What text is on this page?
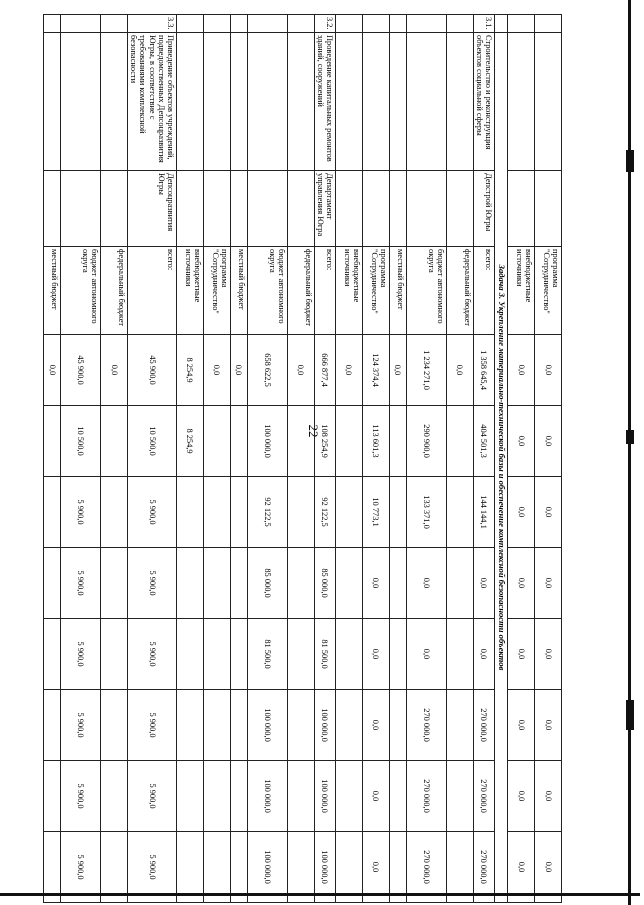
22
			программа "Сотрудничество"	0,0	0,0	0,0	0,0	0,0	0,0	0,0	0,0
			внебюджетные источники	0,0	0,0	0,0	0,0	0,0	0,0	0,0	0,0
	Задача 3. Укрепление материально-технической базы и обеспечение комплексной безопасности объектов										
3.1.	Строительство и реконструкция объектов социальной сферы	Депстрой Югры	всего:	1 358 645,4	404 501,3	144 144,1	0,0	0,0	270 000,0	270 000,0	270 000,0
			федеральный бюджет	0,0							
			бюджет автономного округа	1 234 271,0	290 900,0	133 371,0	0,0	0,0	270 000,0	270 000,0	270 000,0
			местный бюджет	0,0							
			программа "Сотрудничество"	124 374,4	113 601,3	10 773,1	0,0	0,0	0,0	0,0	0,0
			внебюджетные источники	0,0							
3.2.	Проведение капитальных ремонтов зданий, сооружений	Департамент управления Югра	всего:	666 877,4	108 254,9	92 122,5	85 000,0	81 500,0	100 000,0	100 000,0	100 000,0
			федеральный бюджет	0,0							
			бюджет автономного округа	658 622,5	100 000,0	92 122,5	85 000,0	81 500,0	100 000,0	100 000,0	100 000,0
			местный бюджет	0,0							
			программа "Сотрудничество"	0,0							
			внебюджетные источники	8 254,9	8 254,9						
3.3.	Приведение объектов учреждений, подведомственных Депсоцразвития Югры, в соответствие с требованиями комплексной безопасности	Депсоцразвития Югры	всего:	45 900,0	10 500,0	5 900,0	5 900,0	5 900,0	5 900,0	5 900,0	5 900,0
			федеральный бюджет	0,0							
			бюджет автономного округа	45 900,0	10 500,0	5 900,0	5 900,0	5 900,0	5 900,0	5 900,0	5 900,0
			местный бюджет	0,0							
